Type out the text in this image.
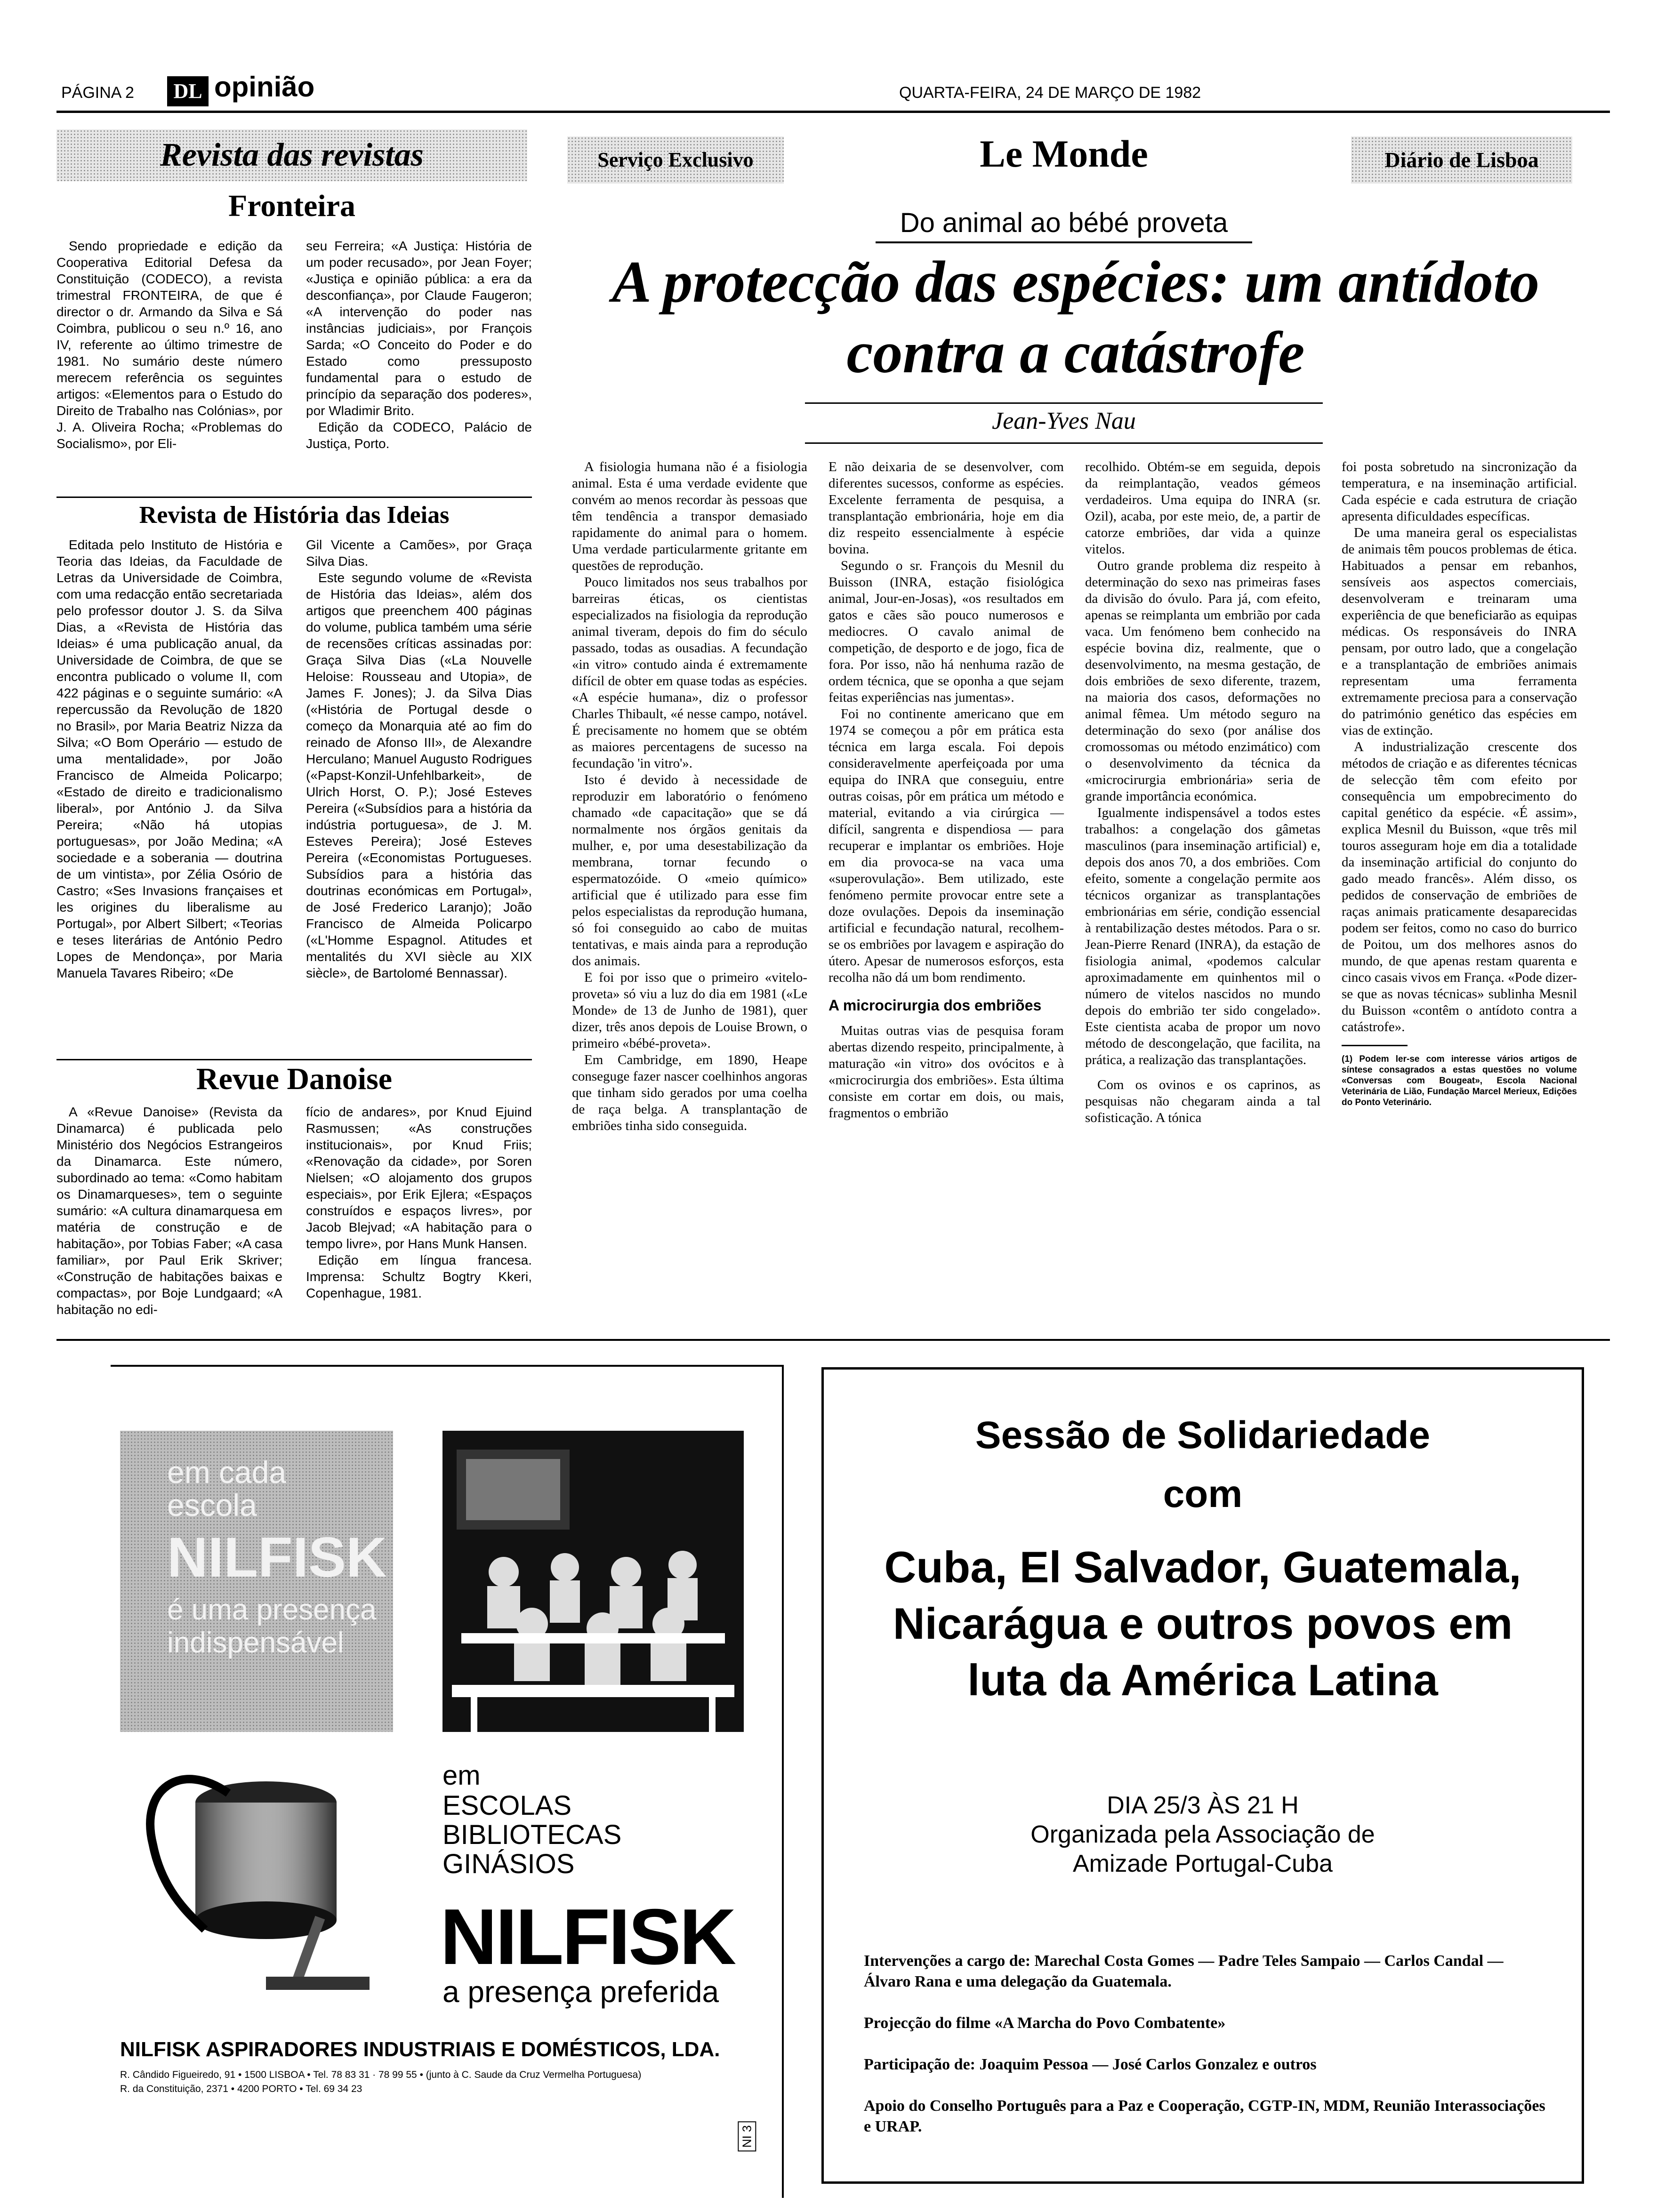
PÁGINA 2	DL opinião	QUARTA-FEIRA, 24 DE MARÇO DE 1982
Revista das revistas
Fronteira

Sendo propriedade e edição da Cooperativa Editorial Defesa da Constituição (CODECO), a revista trimestral FRONTEIRA, de que é director o dr. Armando da Silva e Sá Coimbra, publicou o seu n.º 16, ano IV, referente ao último trimestre de 1981. No sumário deste número merecem referência os seguintes artigos: «Elementos para o Estudo do Direito de Trabalho nas Colónias», por J. A. Oliveira Rocha; «Problemas do Socialismo», por Eli-

seu Ferreira; «A Justiça: História de um poder recusado», por Jean Foyer; «Justiça e opinião pública: a era da desconfiança», por Claude Faugeron; «A intervenção do poder nas instâncias judiciais», por François Sarda; «O Conceito do Poder e do Estado como pressuposto fundamental para o estudo de princípio da separação dos poderes», por Wladimir Brito.

Edição da CODECO, Palácio de Justiça, Porto.

Revista de História das Ideias

Editada pelo Instituto de História e Teoria das Ideias, da Faculdade de Letras da Universidade de Coimbra, com uma redacção então secretariada pelo professor doutor J. S. da Silva Dias, a «Revista de História das Ideias» é uma publicação anual, da Universidade de Coimbra, de que se encontra publicado o volume II, com 422 páginas e o seguinte sumário: «A repercussão da Revolução de 1820 no Brasil», por Maria Beatriz Nizza da Silva; «O Bom Operário — estudo de uma mentalidade», por João Francisco de Almeida Policarpo; «Estado de direito e tradicionalismo liberal», por António J. da Silva Pereira; «Não há utopias portuguesas», por João Medina; «A sociedade e a soberania — doutrina de um vintista», por Zélia Osório de Castro; «Ses Invasions françaises et les origines du liberalisme au Portugal», por Albert Silbert; «Teorias e teses literárias de António Pedro Lopes de Mendonça», por Maria Manuela Tavares Ribeiro; «De

Gil Vicente a Camões», por Graça Silva Dias.

Este segundo volume de «Revista de História das Ideias», além dos artigos que preenchem 400 páginas do volume, publica também uma série de recensões críticas assinadas por: Graça Silva Dias («La Nouvelle Heloise: Rousseau and Utopia», de James F. Jones); J. da Silva Dias («História de Portugal desde o começo da Monarquia até ao fim do reinado de Afonso III», de Alexandre Herculano; Manuel Augusto Rodrigues («Papst-Konzil-Unfehlbarkeit», de Ulrich Horst, O. P.); José Esteves Pereira («Subsídios para a história da indústria portuguesa», de J. M. Esteves Pereira); José Esteves Pereira («Economistas Portugueses. Subsídios para a história das doutrinas económicas em Portugal», de José Frederico Laranjo); João Francisco de Almeida Policarpo («L'Homme Espagnol. Atitudes et mentalités du XVI siècle au XIX siècle», de Bartolomé Bennassar).

Revue Danoise

A «Revue Danoise» (Revista da Dinamarca) é publicada pelo Ministério dos Negócios Estrangeiros da Dinamarca. Este número, subordinado ao tema: «Como habitam os Dinamarqueses», tem o seguinte sumário: «A cultura dinamarquesa em matéria de construção e de habitação», por Tobias Faber; «A casa familiar», por Paul Erik Skriver; «Construção de habitações baixas e compactas», por Boje Lundgaard; «A habitação no edi-

fício de andares», por Knud Ejuind Rasmussen; «As construções institucionais», por Knud Friis; «Renovação da cidade», por Soren Nielsen; «O alojamento dos grupos especiais», por Erik Ejlera; «Espaços construídos e espaços livres», por Jacob Blejvad; «A habitação para o tempo livre», por Hans Munk Hansen.

Edição em língua francesa. Imprensa: Schultz Bogtry Kkeri, Copenhague, 1981.

Serviço Exclusivo	Le Monde	Diário de Lisboa
Do animal ao bébé proveta
A protecção das espécies: um antídoto
contra a catástrofe
Jean-Yves Nau

A fisiologia humana não é a fisiologia animal. Esta é uma verdade evidente que convém ao menos recordar às pessoas que têm tendência a transpor demasiado rapidamente do animal para o homem. Uma verdade particularmente gritante em questões de reprodução.

Pouco limitados nos seus trabalhos por barreiras éticas, os cientistas especializados na fisiologia da reprodução animal tiveram, depois do fim do século passado, todas as ousadias. A fecundação «in vitro» contudo ainda é extremamente difícil de obter em quase todas as espécies. «A espécie humana», diz o professor Charles Thibault, «é nesse campo, notável. É precisamente no homem que se obtém as maiores percentagens de sucesso na fecundação 'in vitro'».

Isto é devido à necessidade de reproduzir em laboratório o fenómeno chamado «de capacitação» que se dá normalmente nos órgãos genitais da mulher, e, por uma desestabilização da membrana, tornar fecundo o espermatozóide. O «meio químico» artificial que é utilizado para esse fim pelos especialistas da reprodução humana, só foi conseguido ao cabo de muitas tentativas, e mais ainda para a reprodução dos animais.

E foi por isso que o primeiro «vitelo-proveta» só viu a luz do dia em 1981 («Le Monde» de 13 de Junho de 1981), quer dizer, três anos depois de Louise Brown, o primeiro «bébé-proveta».

Em Cambridge, em 1890, Heape conseguge fazer nascer coelhinhos angoras que tinham sido gerados por uma coelha de raça belga. A transplantação de embriões tinha sido conseguida.

E não deixaria de se desenvolver, com diferentes sucessos, conforme as espécies. Excelente ferramenta de pesquisa, a transplantação embrionária, hoje em dia diz respeito essencialmente à espécie bovina.

Segundo o sr. François du Mesnil du Buisson (INRA, estação fisiológica animal, Jour-en-Josas), «os resultados em gatos e cães são pouco numerosos e mediocres. O cavalo animal de competição, de desporto e de jogo, fica de fora. Por isso, não há nenhuma razão de ordem técnica, que se oponha a que sejam feitas experiências nas jumentas».

Foi no continente americano que em 1974 se começou a pôr em prática esta técnica em larga escala. Foi depois consideravelmente aperfeiçoada por uma equipa do INRA que conseguiu, entre outras coisas, pôr em prática um método e material, evitando a via cirúrgica — difícil, sangrenta e dispendiosa — para recuperar e implantar os embriões. Hoje em dia provoca-se na vaca uma «superovulação». Bem utilizado, este fenómeno permite provocar entre sete a doze ovulações. Depois da inseminação artificial e fecundação natural, recolhem-se os embriões por lavagem e aspiração do útero. Apesar de numerosos esforços, esta recolha não dá um bom rendimento.

A microcirurgia dos embriões

Muitas outras vias de pesquisa foram abertas dizendo respeito, principalmente, à maturação «in vitro» dos ovócitos e à «microcirurgia dos embriões». Esta última consiste em cortar em dois, ou mais, fragmentos o embrião

recolhido. Obtém-se em seguida, depois da reimplantação, veados gémeos verdadeiros. Uma equipa do INRA (sr. Ozil), acaba, por este meio, de, a partir de catorze embriões, dar vida a quinze vitelos.

Outro grande problema diz respeito à determinação do sexo nas primeiras fases da divisão do óvulo. Para já, com efeito, apenas se reimplanta um embrião por cada vaca. Um fenómeno bem conhecido na espécie bovina diz, realmente, que o desenvolvimento, na mesma gestação, de dois embriões de sexo diferente, trazem, na maioria dos casos, deformações no animal fêmea. Um método seguro na determinação do sexo (por análise dos cromossomas ou método enzimático) com o desenvolvimento da técnica da «microcirurgia embrionária» seria de grande importância económica.

Igualmente indispensável a todos estes trabalhos: a congelação dos gâmetas masculinos (para inseminação artificial) e, depois dos anos 70, a dos embriões. Com efeito, somente a congelação permite aos técnicos organizar as transplantações embrionárias em série, condição essencial à rentabilização destes métodos. Para o sr. Jean-Pierre Renard (INRA), da estação de fisiologia animal, «podemos calcular aproximadamente em quinhentos mil o número de vitelos nascidos no mundo depois do embrião ter sido congelado». Este cientista acaba de propor um novo método de descongelação, que facilita, na prática, a realização das transplantações.

Com os ovinos e os caprinos, as pesquisas não chegaram ainda a tal sofisticação. A tónica

foi posta sobretudo na sincronização da temperatura, e na inseminação artificial. Cada espécie e cada estrutura de criação apresenta dificuldades específicas.

De uma maneira geral os especialistas de animais têm poucos problemas de ética. Habituados a pensar em rebanhos, sensíveis aos aspectos comerciais, desenvolveram e treinaram uma experiência de que beneficiarão as equipas médicas. Os responsáveis do INRA pensam, por outro lado, que a congelação e a transplantação de embriões animais representam uma ferramenta extremamente preciosa para a conservação do património genético das espécies em vias de extinção.

A industrialização crescente dos métodos de criação e as diferentes técnicas de selecção têm com efeito por consequência um empobrecimento do capital genético da espécie. «É assim», explica Mesnil du Buisson, «que três mil touros asseguram hoje em dia a totalidade da inseminação artificial do conjunto do gado meado francês». Além disso, os pedidos de conservação de embriões de raças animais praticamente desaparecidas podem ser feitos, como no caso do burrico de Poitou, um dos melhores asnos do mundo, de que apenas restam quarenta e cinco casais vivos em França. «Pode dizer-se que as novas técnicas» sublinha Mesnil du Buisson «contêm o antídoto contra a catástrofe».

(1) Podem ler-se com interesse vários artigos de síntese consagrados a estas questões no volume «Conversas com Bougeat», Escola Nacional Veterinária de Lião, Fundação Marcel Merieux, Edições do Ponto Veterinário.
em cada
escola
NILFISK
é uma presença
indispensável
em
ESCOLAS
BIBLIOTECAS
GINÁSIOS
NILFISK
a presença preferida
NILFISK ASPIRADORES INDUSTRIAIS E DOMÉSTICOS, LDA.
R. Cândido Figueiredo, 91 • 1500 LISBOA • Tel. 78 83 31 · 78 99 55 • (junto à C. Saude da Cruz Vermelha Portuguesa)
R. da Constituição, 2371 • 4200 PORTO • Tel. 69 34 23
NI 3
Sessão de Solidariedade
com
Cuba, El Salvador, Guatemala,
Nicarágua e outros povos em
luta da América Latina
DIA 25/3 ÀS 21 H
Organizada pela Associação de
Amizade Portugal-Cuba
Intervenções a cargo de: Marechal Costa Gomes — Padre Teles Sampaio — Carlos Candal — Álvaro Rana e uma delegação da Guatemala.
Projecção do filme «A Marcha do Povo Combatente»
Participação de: Joaquim Pessoa — José Carlos Gonzalez e outros
Apoio do Conselho Português para a Paz e Cooperação, CGTP-IN, MDM, Reunião Interassociações e URAP.
